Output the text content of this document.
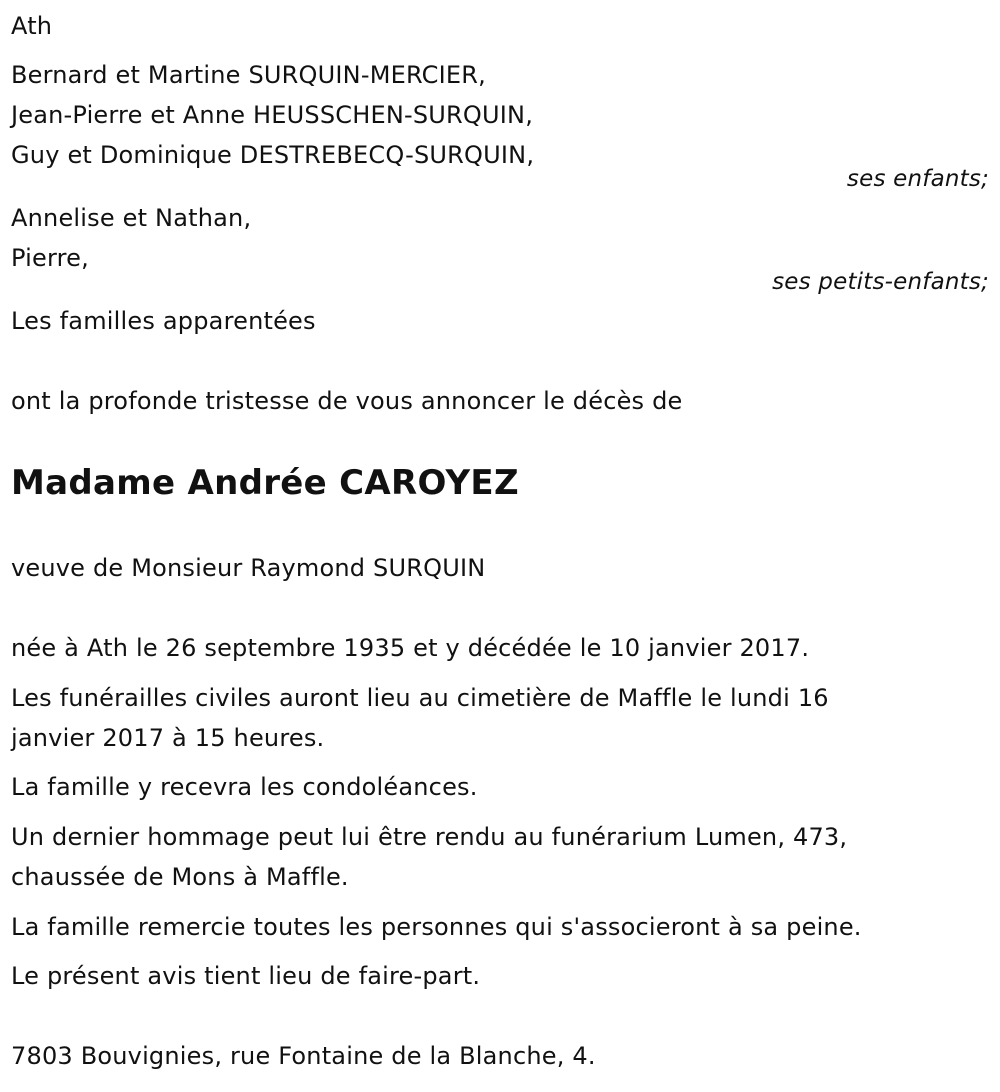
Ath
Bernard et Martine SURQUIN-MERCIER,
Jean-Pierre et Anne HEUSSCHEN-SURQUIN,
Guy et Dominique DESTREBECQ-SURQUIN,
ses enfants;
Annelise et Nathan,
Pierre,
ses petits-enfants;
Les familles apparentées
ont la profonde tristesse de vous annoncer le décès de
Madame Andrée CAROYEZ
veuve de Monsieur Raymond SURQUIN
née à Ath le 26 septembre 1935 et y décédée le 10 janvier 2017.
Les funérailles civiles auront lieu au cimetière de Maffle le lundi 16 janvier 2017 à 15 heures.
La famille y recevra les condoléances.
Un dernier hommage peut lui être rendu au funérarium Lumen, 473, chaussée de Mons à Maffle.
La famille remercie toutes les personnes qui s'associeront à sa peine.
Le présent avis tient lieu de faire-part.
7803 Bouvignies, rue Fontaine de la Blanche, 4.
